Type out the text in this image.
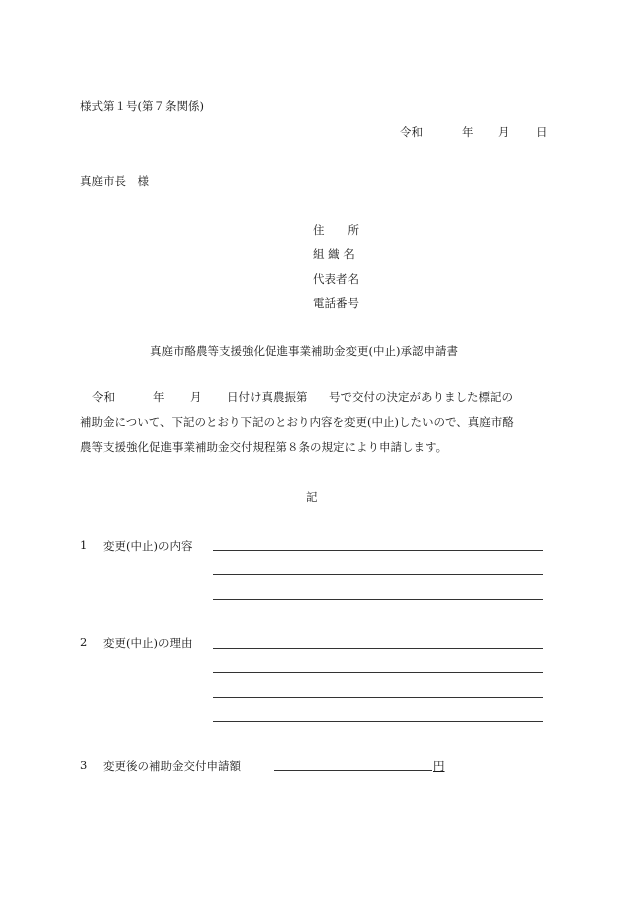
様式第１号(第７条関係)
令和	年 月 日
真庭市長　様
住　　所
組 織 名
代表者名
電話番号
真庭市酪農等支援強化促進事業補助金変更(中止)承認申請書
令和	年 月 日付け真農振第 号で交付の決定がありました標記の
補助金について、下記のとおり下記のとおり内容を変更(中止)したいので、真庭市酪
農等支援強化促進事業補助金交付規程第８条の規定により申請します。
記
1 変更(中止)の内容
2 変更(中止)の理由
3 変更後の補助金交付申請額	円
